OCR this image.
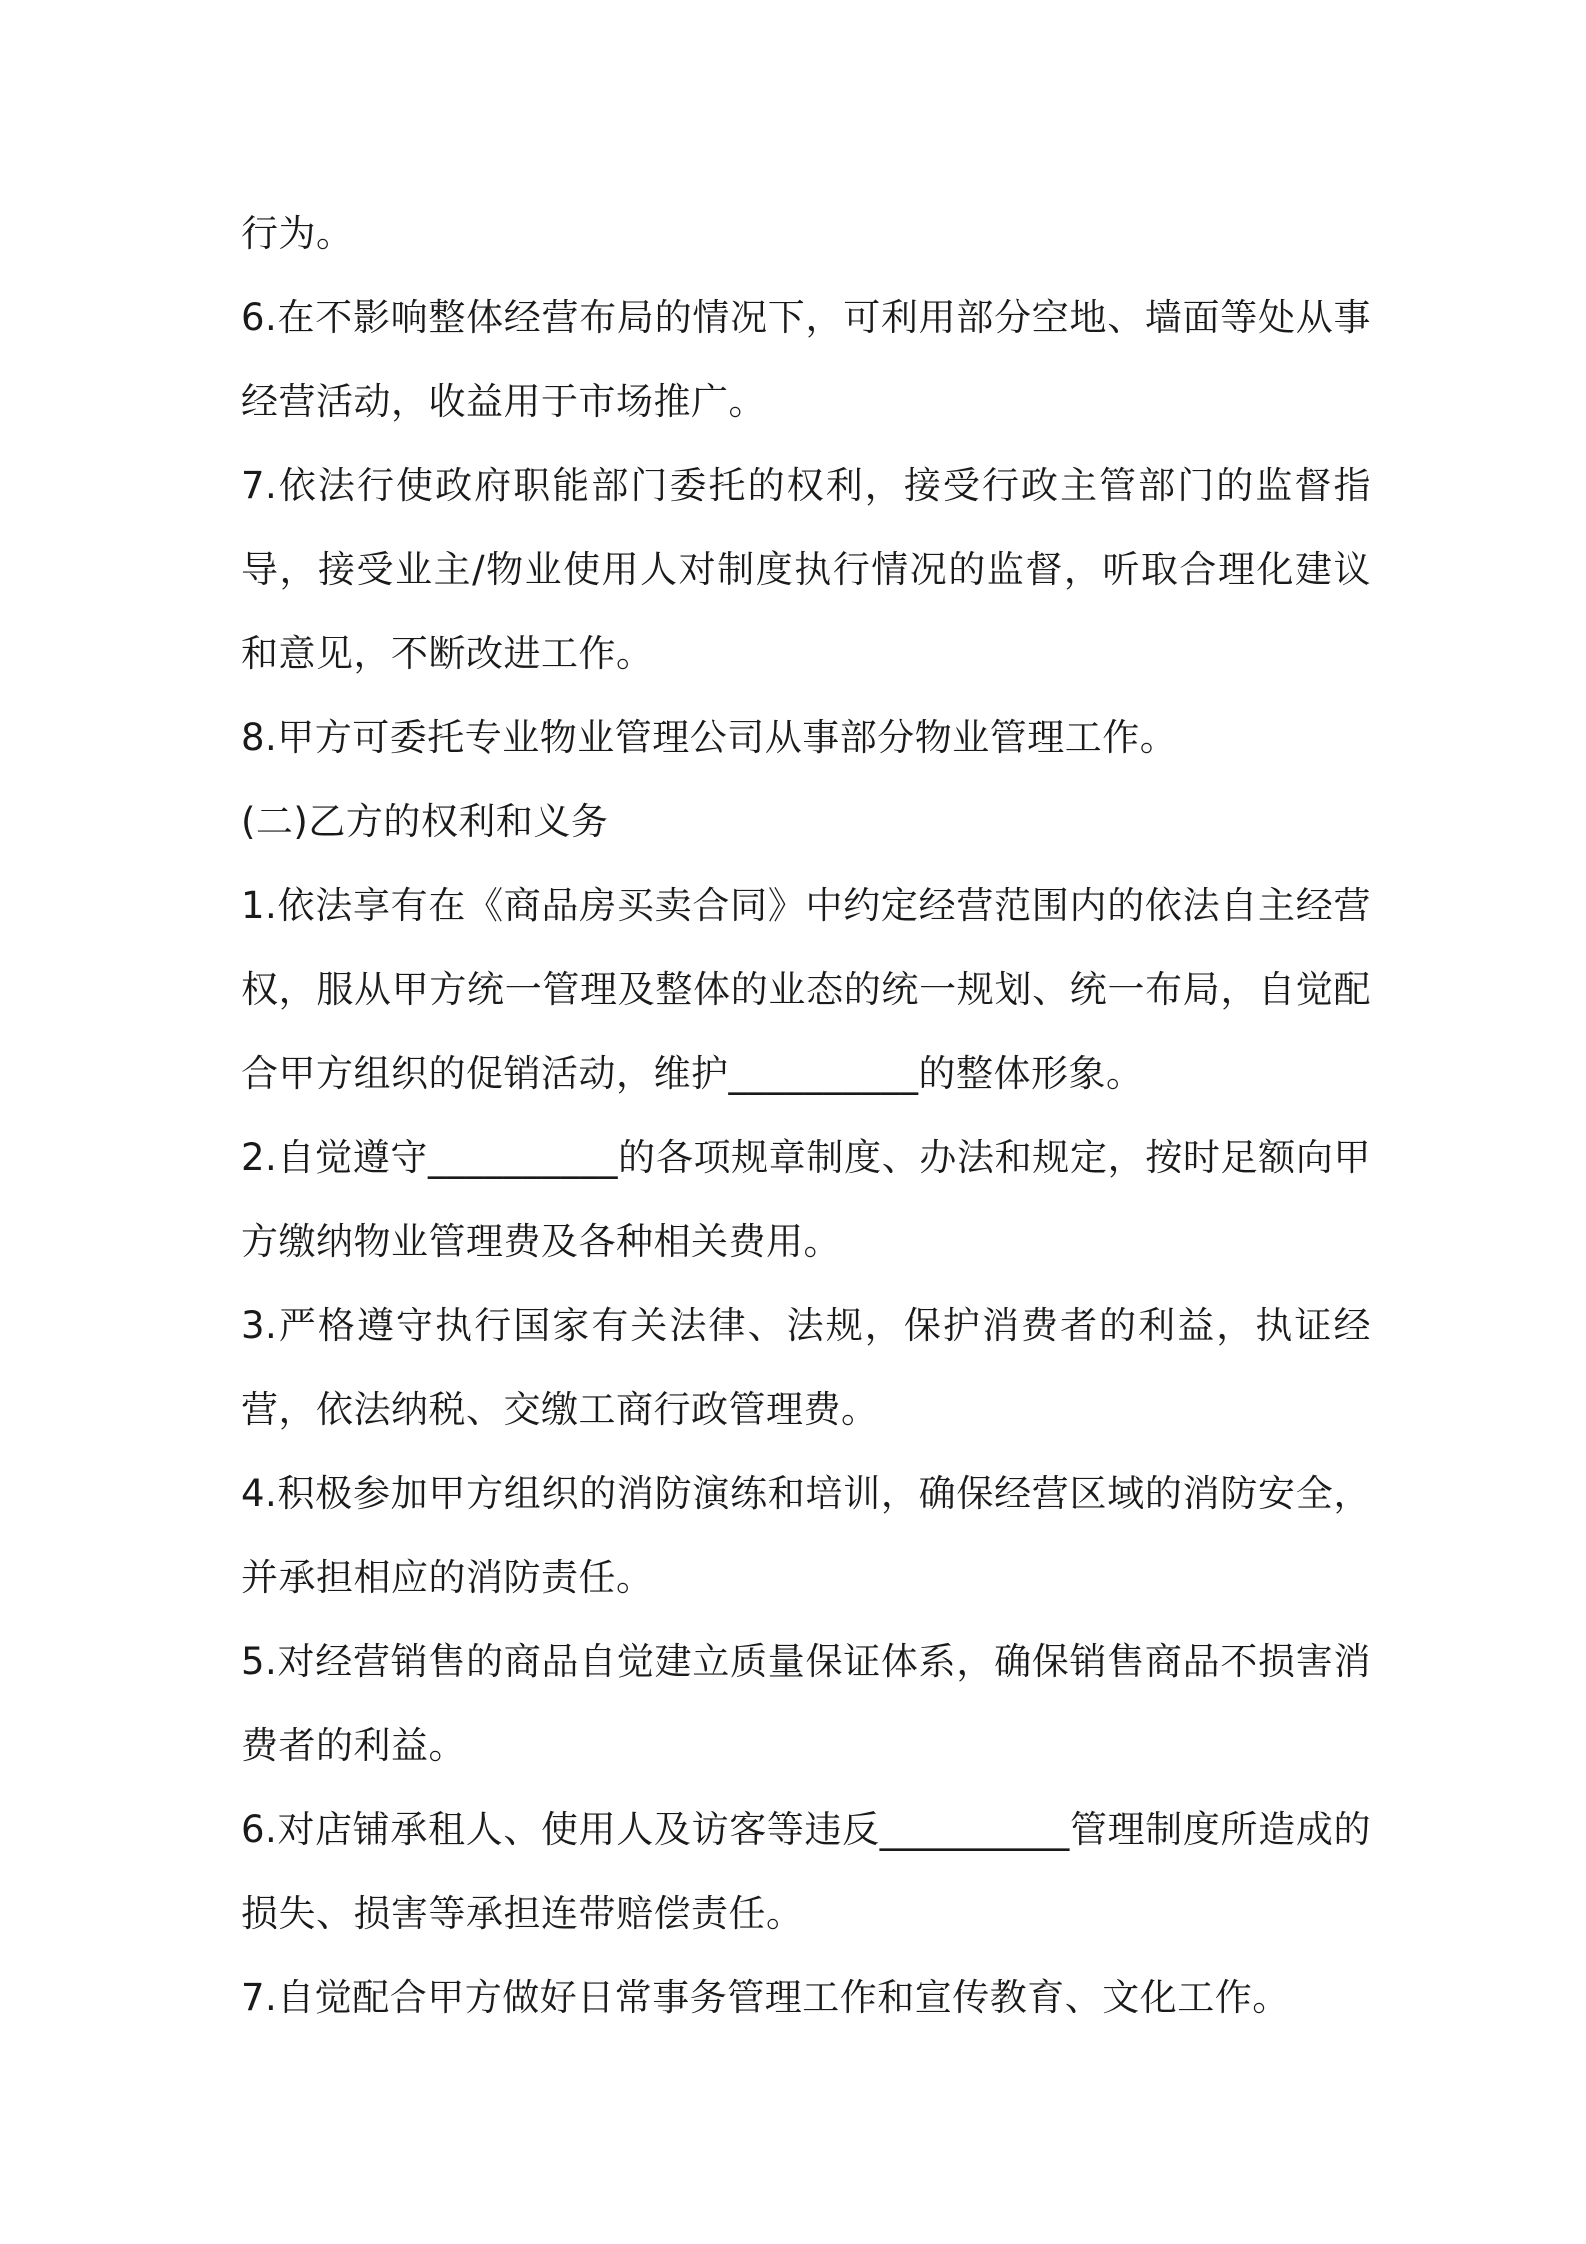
行为。

6.在不影响整体经营布局的情况下，可利用部分空地、墙面等处从事经营活动，收益用于市场推广。

7.依法行使政府职能部门委托的权利，接受行政主管部门的监督指导，接受业主/物业使用人对制度执行情况的监督，听取合理化建议和意见，不断改进工作。

8.甲方可委托专业物业管理公司从事部分物业管理工作。

(二)乙方的权利和义务

1.依法享有在《商品房买卖合同》中约定经营范围内的依法自主经营权，服从甲方统一管理及整体的业态的统一规划、统一布局，自觉配合甲方组织的促销活动，维护__________的整体形象。

2.自觉遵守__________的各项规章制度、办法和规定，按时足额向甲方缴纳物业管理费及各种相关费用。

3.严格遵守执行国家有关法律、法规，保护消费者的利益，执证经营，依法纳税、交缴工商行政管理费。

4.积极参加甲方组织的消防演练和培训，确保经营区域的消防安全，并承担相应的消防责任。

5.对经营销售的商品自觉建立质量保证体系，确保销售商品不损害消费者的利益。

6.对店铺承租人、使用人及访客等违反__________管理制度所造成的损失、损害等承担连带赔偿责任。

7.自觉配合甲方做好日常事务管理工作和宣传教育、文化工作。
